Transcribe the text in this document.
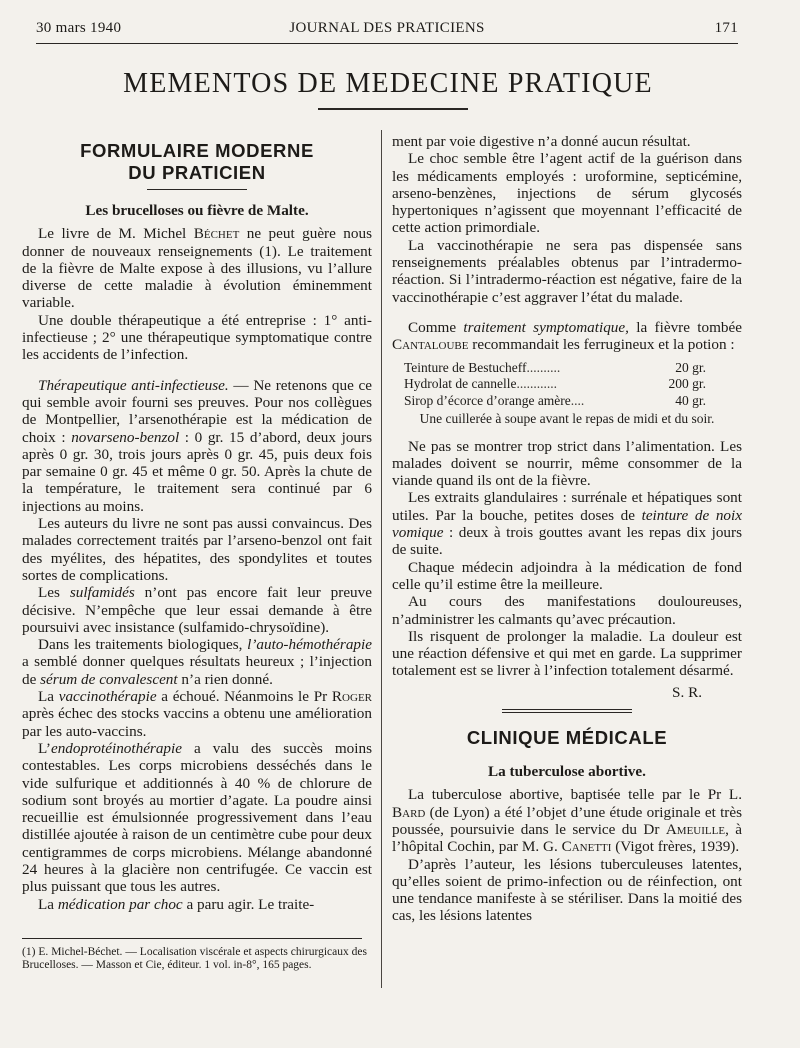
30 mars 1940	JOURNAL DES PRATICIENS	171
MEMENTOS DE MEDECINE PRATIQUE
FORMULAIRE MODERNE
DU PRATICIEN
Les brucelloses ou fièvre de Malte.

Le livre de M. Michel Béchet ne peut guère nous donner de nouveaux renseignements (1). Le traitement de la fièvre de Malte expose à des illusions, vu l’allure diverse de cette maladie à évolution éminemment variable.

Une double thérapeutique a été entreprise : 1° anti-infectieuse ; 2° une thérapeutique symptomatique contre les accidents de l’infection.

Thérapeutique anti-infectieuse. — Ne retenons que ce qui semble avoir fourni ses preuves. Pour nos collègues de Montpellier, l’arsenothérapie est la médication de choix : novarseno-benzol : 0 gr. 15 d’abord, deux jours après 0 gr. 30, trois jours après 0 gr. 45, puis deux fois par semaine 0 gr. 45 et même 0 gr. 50. Après la chute de la température, le traitement sera continué par 6 injections au moins.

Les auteurs du livre ne sont pas aussi convaincus. Des malades correctement traités par l’arseno-benzol ont fait des myélites, des hépatites, des spondylites et toutes sortes de complications.

Les sulfamidés n’ont pas encore fait leur preuve décisive. N’empêche que leur essai demande à être poursuivi avec insistance (sulfamido-chrysoïdine).

Dans les traitements biologiques, l’auto-hémothérapie a semblé donner quelques résultats heureux ; l’injection de sérum de convalescent n’a rien donné.

La vaccinothérapie a échoué. Néanmoins le Pr Roger après échec des stocks vaccins a obtenu une amélioration par les auto-vaccins.

L’endoprotéinothérapie a valu des succès moins contestables. Les corps microbiens desséchés dans le vide sulfurique et additionnés à 40 % de chlorure de sodium sont broyés au mortier d’agate. La poudre ainsi recueillie est émulsionnée progressivement dans l’eau distillée ajoutée à raison de un centimètre cube pour deux centigrammes de corps microbiens. Mélange abandonné 24 heures à la glacière non centrifugée. Ce vaccin est plus puissant que tous les autres.

La médication par choc a paru agir. Le traite-

(1) E. Michel-Béchet. — Localisation viscérale et aspects chirurgicaux des Brucelloses. — Masson et Cie, éditeur. 1 vol. in-8°, 165 pages.

ment par voie digestive n’a donné aucun résultat.

Le choc semble être l’agent actif de la guérison dans les médicaments employés : uroformine, septicémine, arseno-benzènes, injections de sérum glycosés hypertoniques n’agissent que moyennant l’efficacité de cette action primordiale.

La vaccinothérapie ne sera pas dispensée sans renseignements préalables obtenus par l’intradermo-réaction. Si l’intradermo-réaction est négative, faire de la vaccinothérapie c’est aggraver l’état du malade.

Comme traitement symptomatique, la fièvre tombée Cantaloube recommandait les ferrugineux et la potion :

Teinture de Bestucheff ..........	20 gr.
Hydrolat de cannelle ............	200 gr.
Sirop d’écorce d’orange amère ....	40 gr.
Une cuillerée à soupe avant le repas de midi et du soir.

Ne pas se montrer trop strict dans l’alimentation. Les malades doivent se nourrir, même consommer de la viande quand ils ont de la fièvre.

Les extraits glandulaires : surrénale et hépatiques sont utiles. Par la bouche, petites doses de teinture de noix vomique : deux à trois gouttes avant les repas dix jours de suite.

Chaque médecin adjoindra à la médication de fond celle qu’il estime être la meilleure.

Au cours des manifestations douloureuses, n’administrer les calmants qu’avec précaution.

Ils risquent de prolonger la maladie. La douleur est une réaction défensive et qui met en garde. La supprimer totalement est se livrer à l’infection totalement désarmé.

S. R.
CLINIQUE MÉDICALE
La tuberculose abortive.

La tuberculose abortive, baptisée telle par le Pr L. Bard (de Lyon) a été l’objet d’une étude originale et très poussée, poursuivie dans le service du Dr Ameuille, à l’hôpital Cochin, par M. G. Canetti (Vigot frères, 1939).

D’après l’auteur, les lésions tuberculeuses latentes, qu’elles soient de primo-infection ou de réinfection, ont une tendance manifeste à se stériliser. Dans la moitié des cas, les lésions latentes
